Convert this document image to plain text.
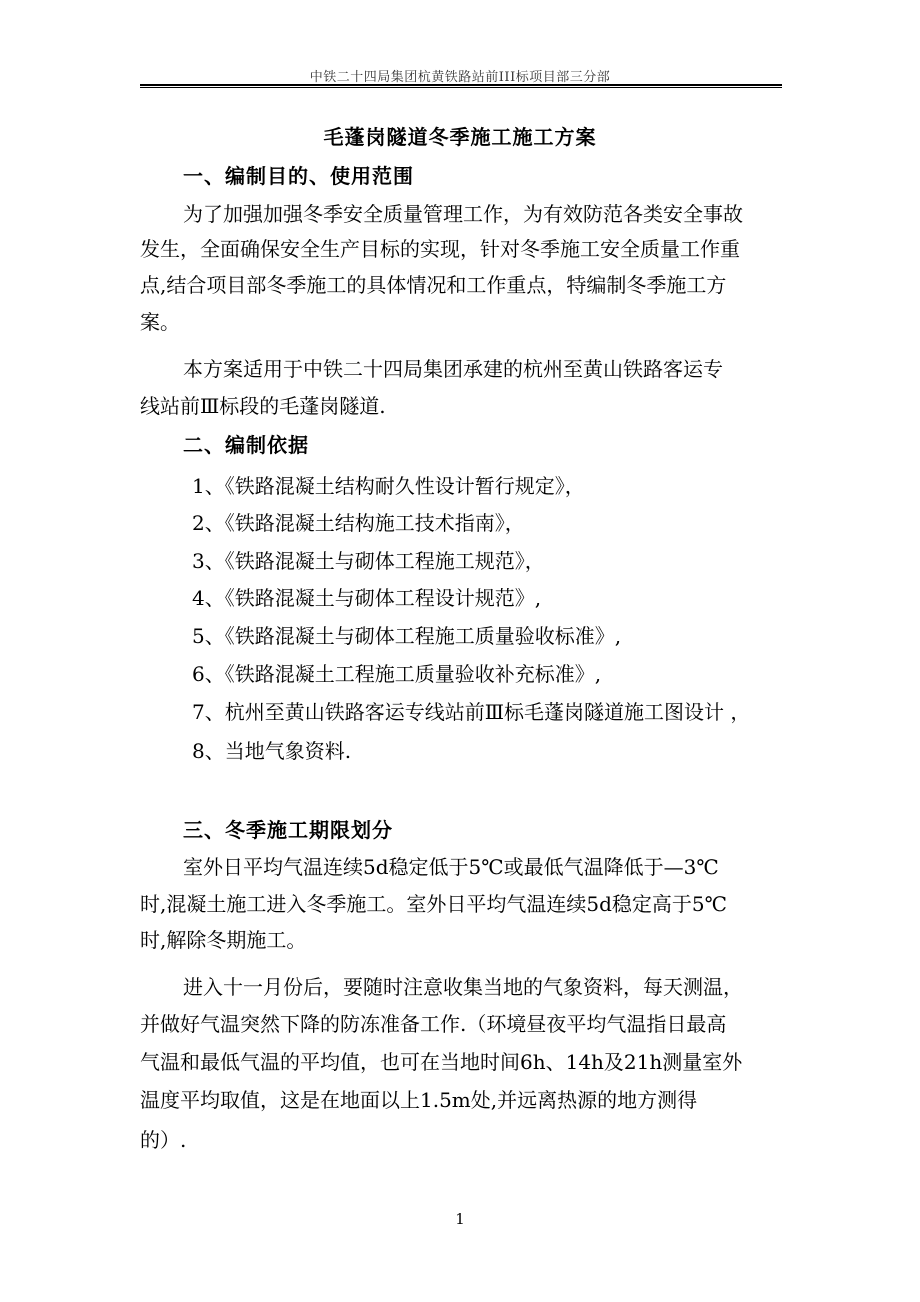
中铁二十四局集团杭黄铁路站前III标项目部三分部
毛蓬岗隧道冬季施工施工方案
一、编制目的、使用范围
为了加强加强冬季安全质量管理工作，为有效防范各类安全事故
发生，全面确保安全生产目标的实现，针对冬季施工安全质量工作重
点,结合项目部冬季施工的具体情况和工作重点，特编制冬季施工方
案。
本方案适用于中铁二十四局集团承建的杭州至黄山铁路客运专
线站前Ⅲ标段的毛蓬岗隧道.
二、编制依据
1、《铁路混凝土结构耐久性设计暂行规定》，
2、《铁路混凝土结构施工技术指南》，
3、《铁路混凝土与砌体工程施工规范》，
4、《铁路混凝土与砌体工程设计规范》,
5、《铁路混凝土与砌体工程施工质量验收标准》,
6、《铁路混凝土工程施工质量验收补充标准》,
7、杭州至黄山铁路客运专线站前Ⅲ标毛蓬岗隧道施工图设计 ，
8、当地气象资料.
三、冬季施工期限划分
室外日平均气温连续5d稳定低于5℃或最低气温降低于—3℃
时,混凝土施工进入冬季施工。室外日平均气温连续5d稳定高于5℃
时,解除冬期施工。
进入十一月份后，要随时注意收集当地的气象资料，每天测温，
并做好气温突然下降的防冻准备工作.（环境昼夜平均气温指日最高
气温和最低气温的平均值，也可在当地时间6h、14h及21h测量室外
温度平均取值，这是在地面以上1.5m处,并远离热源的地方测得
的）.
1
